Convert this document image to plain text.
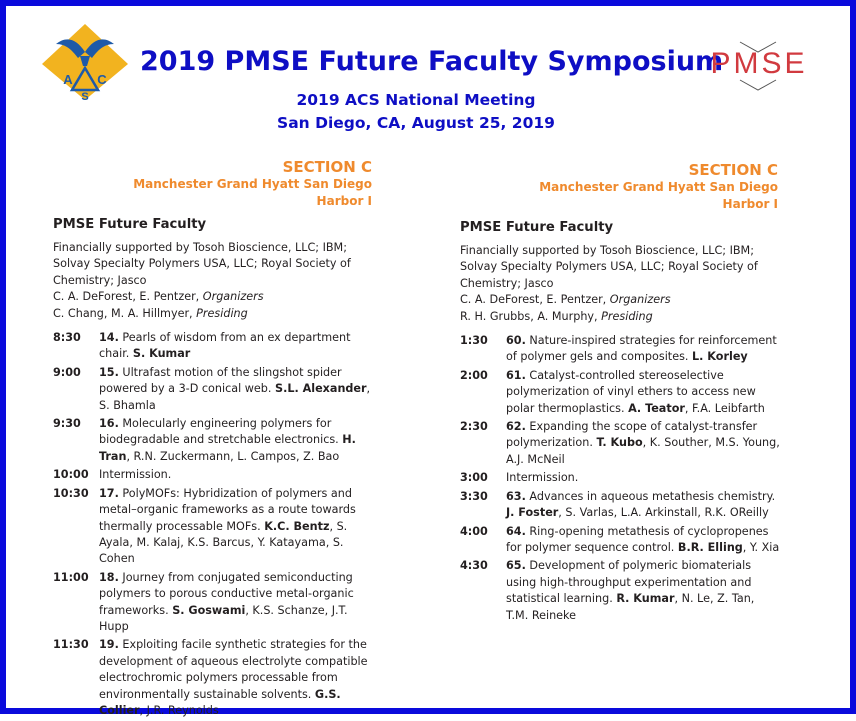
A C
S
2019 PMSE Future Faculty Symposium
2019 ACS National Meeting
San Diego, CA, August 25, 2019
PMSE
SECTION C
Manchester Grand Hyatt San Diego
Harbor I
SECTION C
Manchester Grand Hyatt San Diego
Harbor I
PMSE Future Faculty
Financially supported by Tosoh Bioscience, LLC; IBM; Solvay Specialty Polymers USA, LLC; Royal Society of Chemistry; Jasco
C. A. DeForest, E. Pentzer, Organizers
C. Chang, M. A. Hillmyer, Presiding
8:30	14. Pearls of wisdom from an ex department chair. S. Kumar
9:00	15. Ultrafast motion of the slingshot spider powered by a 3-D conical web. S.L. Alexander, S. Bhamla
9:30	16. Molecularly engineering polymers for biodegradable and stretchable electronics. H. Tran, R.N. Zuckermann, L. Campos, Z. Bao
10:00 Intermission.
10:30 17. PolyMOFs: Hybridization of polymers and metal–organic frameworks as a route towards thermally processable MOFs. K.C. Bentz, S. Ayala, M. Kalaj, K.S. Barcus, Y. Katayama, S. Cohen
11:00 18. Journey from conjugated semiconducting polymers to porous conductive metal-organic frameworks. S. Goswami, K.S. Schanze, J.T. Hupp
11:30 19. Exploiting facile synthetic strategies for the development of aqueous electrolyte compatible electrochromic polymers processable from environmentally sustainable solvents. G.S. Collier, J.R. Reynolds
PMSE Future Faculty
Financially supported by Tosoh Bioscience, LLC; IBM; Solvay Specialty Polymers USA, LLC; Royal Society of Chemistry; Jasco
C. A. DeForest, E. Pentzer, Organizers
R. H. Grubbs, A. Murphy, Presiding
1:30	60. Nature-inspired strategies for reinforcement of polymer gels and composites. L. Korley
2:00	61. Catalyst-controlled stereoselective polymerization of vinyl ethers to access new polar thermoplastics. A. Teator, F.A. Leibfarth
2:30	62. Expanding the scope of catalyst-transfer polymerization. T. Kubo, K. Souther, M.S. Young, A.J. McNeil
3:00	Intermission.
3:30	63. Advances in aqueous metathesis chemistry. J. Foster, S. Varlas, L.A. Arkinstall, R.K. OReilly
4:00	64. Ring-opening metathesis of cyclopropenes for polymer sequence control. B.R. Elling, Y. Xia
4:30	65. Development of polymeric biomaterials using high-throughput experimentation and statistical learning. R. Kumar, N. Le, Z. Tan, T.M. Reineke
